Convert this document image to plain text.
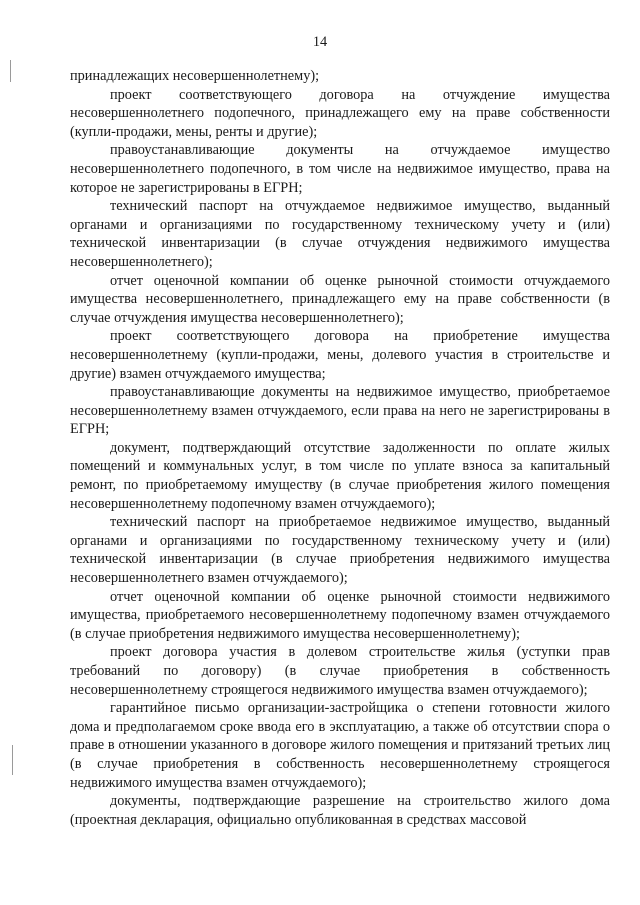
14

принадлежащих несовершеннолетнему);

проект соответствующего договора на отчуждение имущества несовершеннолетнего подопечного, принадлежащего ему на праве собственности (купли-продажи, мены, ренты и другие);

правоустанавливающие документы на отчуждаемое имущество несовершеннолетнего подопечного, в том числе на недвижимое имущество, права на которое не зарегистрированы в ЕГРН;

технический паспорт на отчуждаемое недвижимое имущество, выданный органами и организациями по государственному техническому учету и (или) технической инвентаризации (в случае отчуждения недвижимого имущества несовершеннолетнего);

отчет оценочной компании об оценке рыночной стоимости отчуждаемого имущества несовершеннолетнего, принадлежащего ему на праве собственности (в случае отчуждения имущества несовершеннолетнего);

проект соответствующего договора на приобретение имущества несовершеннолетнему (купли-продажи, мены, долевого участия в строительстве и другие) взамен отчуждаемого имущества;

правоустанавливающие документы на недвижимое имущество, приобретаемое несовершеннолетнему взамен отчуждаемого, если права на него не зарегистрированы в ЕГРН;

документ, подтверждающий отсутствие задолженности по оплате жилых помещений и коммунальных услуг, в том числе по уплате взноса за капитальный ремонт, по приобретаемому имуществу (в случае приобретения жилого помещения несовершеннолетнему подопечному взамен отчуждаемого);

технический паспорт на приобретаемое недвижимое имущество, выданный органами и организациями по государственному техническому учету и (или) технической инвентаризации (в случае приобретения недвижимого имущества несовершеннолетнего взамен отчуждаемого);

отчет оценочной компании об оценке рыночной стоимости недвижимого имущества, приобретаемого несовершеннолетнему подопечному взамен отчуждаемого (в случае приобретения недвижимого имущества несовершеннолетнему);

проект договора участия в долевом строительстве жилья (уступки прав требований по договору) (в случае приобретения в собственность несовершеннолетнему строящегося недвижимого имущества взамен отчуждаемого);

гарантийное письмо организации-застройщика о степени готовности жилого дома и предполагаемом сроке ввода его в эксплуатацию, а также об отсутствии спора о праве в отношении указанного в договоре жилого помещения и притязаний третьих лиц (в случае приобретения в собственность несовершеннолетнему строящегося недвижимого имущества взамен отчуждаемого);

документы, подтверждающие разрешение на строительство жилого дома (проектная декларация, официально опубликованная в средствах массовой
